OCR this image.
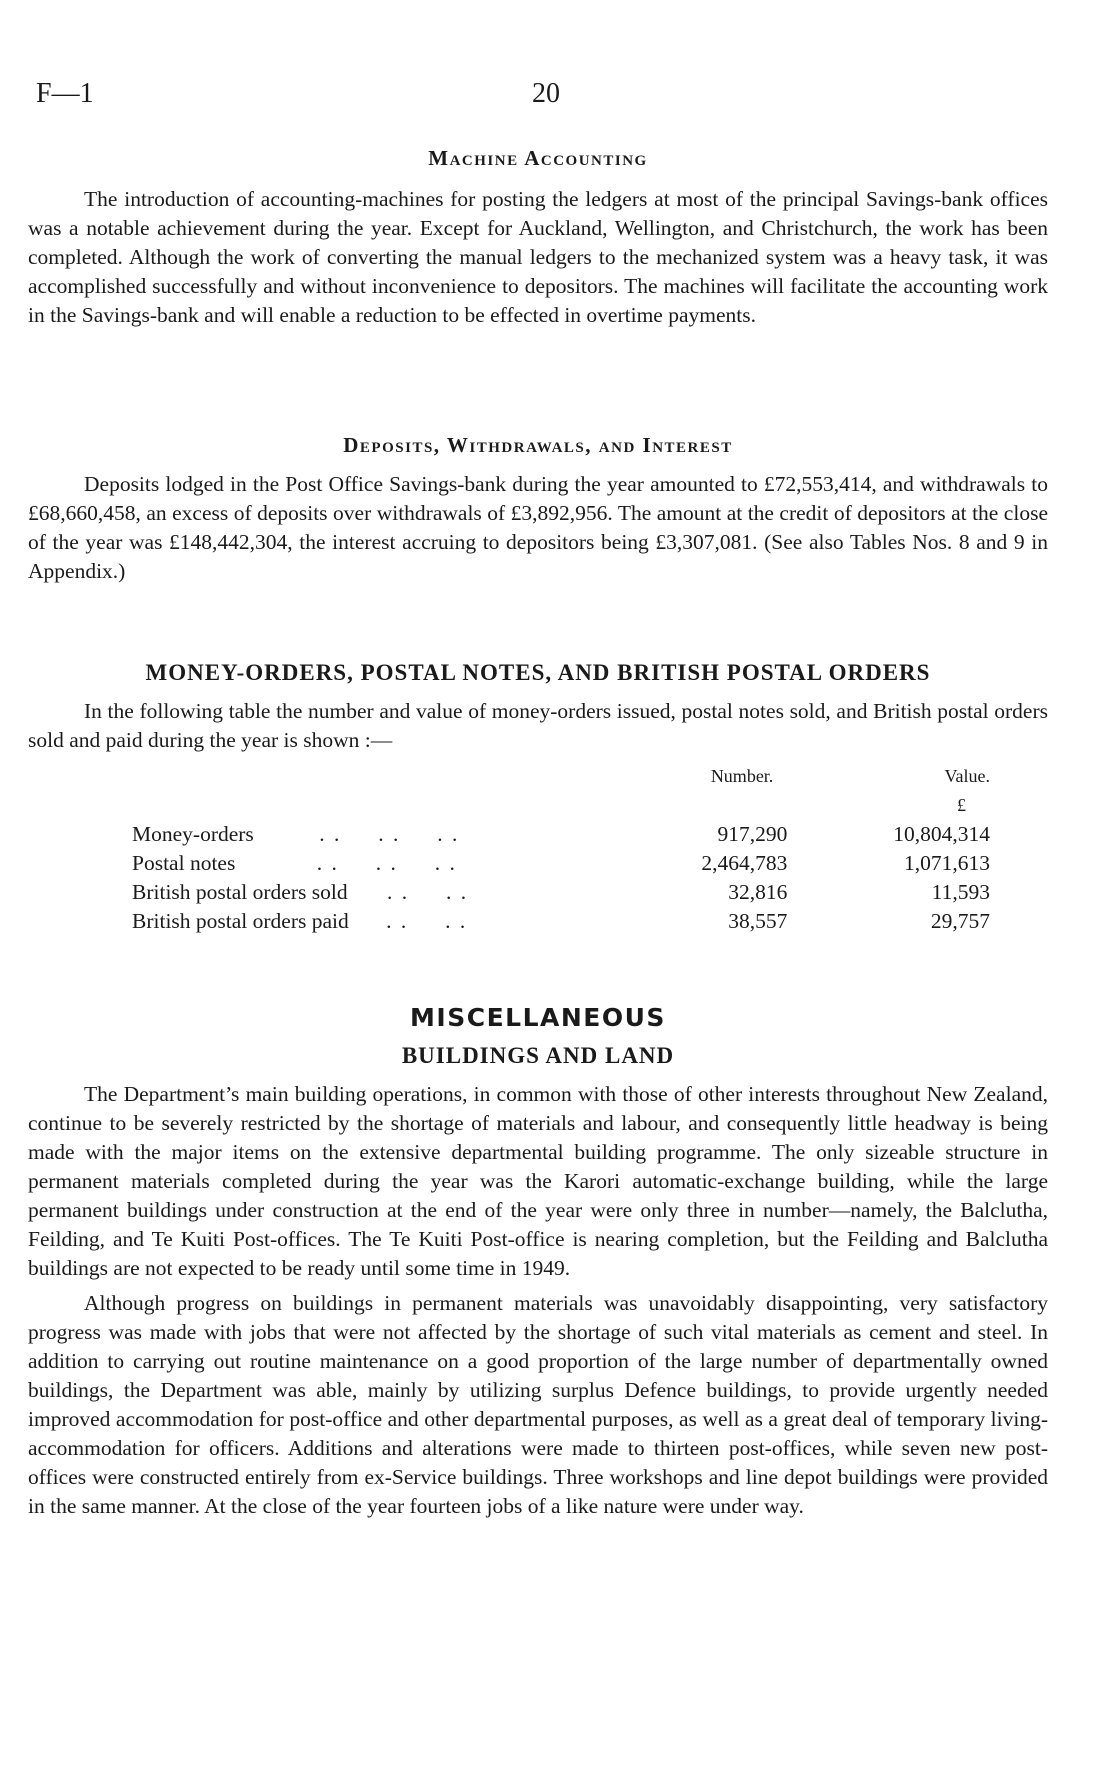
F—1	20
Machine Accounting

The introduction of accounting-machines for posting the ledgers at most of the principal Savings-bank offices was a notable achievement during the year. Except for Auckland, Wellington, and Christchurch, the work has been completed. Although the work of converting the manual ledgers to the mechanized system was a heavy task, it was accomplished successfully and without inconvenience to depositors. The machines will facilitate the accounting work in the Savings-bank and will enable a reduction to be effected in overtime payments.

Deposits, Withdrawals, and Interest

Deposits lodged in the Post Office Savings-bank during the year amounted to £72,553,414, and withdrawals to £68,660,458, an excess of deposits over withdrawals of £3,892,956. The amount at the credit of depositors at the close of the year was £148,442,304, the interest accruing to depositors being £3,307,081. (See also Tables Nos. 8 and 9 in Appendix.)

MONEY-ORDERS, POSTAL NOTES, AND BRITISH POSTAL ORDERS

In the following table the number and value of money-orders issued, postal notes sold, and British postal orders sold and paid during the year is shown :—

	Number.	Value.
		£
Money-orders . .     . .     . .	917,290	10,804,314
Postal notes . .     . .     . .	2,464,783	1,071,613
British postal orders sold . .     . .	32,816	11,593
British postal orders paid . .     . .	38,557	29,757
MISCELLANEOUS
BUILDINGS AND LAND

The Department’s main building operations, in common with those of other interests throughout New Zealand, continue to be severely restricted by the shortage of materials and labour, and consequently little headway is being made with the major items on the extensive departmental building programme. The only sizeable structure in permanent materials completed during the year was the Karori automatic-exchange building, while the large permanent buildings under construction at the end of the year were only three in number—namely, the Balclutha, Feilding, and Te Kuiti Post-offices. The Te Kuiti Post-office is nearing completion, but the Feilding and Balclutha buildings are not expected to be ready until some time in 1949.

Although progress on buildings in permanent materials was unavoidably disappointing, very satisfactory progress was made with jobs that were not affected by the shortage of such vital materials as cement and steel. In addition to carrying out routine maintenance on a good proportion of the large number of departmentally owned buildings, the Department was able, mainly by utilizing surplus Defence buildings, to provide urgently needed improved accommodation for post-office and other departmental purposes, as well as a great deal of temporary living-accommodation for officers. Additions and alterations were made to thirteen post-offices, while seven new post-offices were constructed entirely from ex-Service buildings. Three workshops and line depot buildings were provided in the same manner. At the close of the year fourteen jobs of a like nature were under way.
